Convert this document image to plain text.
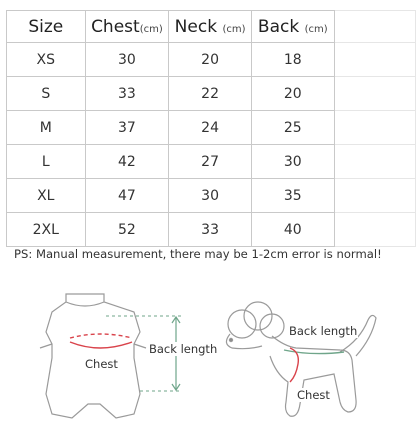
Size	Chest(cm)	Neck (cm)	Back (cm)	
XS	30	20	18	
S	33	22	20	
M	37	24	25	
L	42	27	30	
XL	47	30	35	
2XL	52	33	40	
PS: Manual measurement, there may be 1-2cm error is normal!
Chest
Back length
Back length
Chest
